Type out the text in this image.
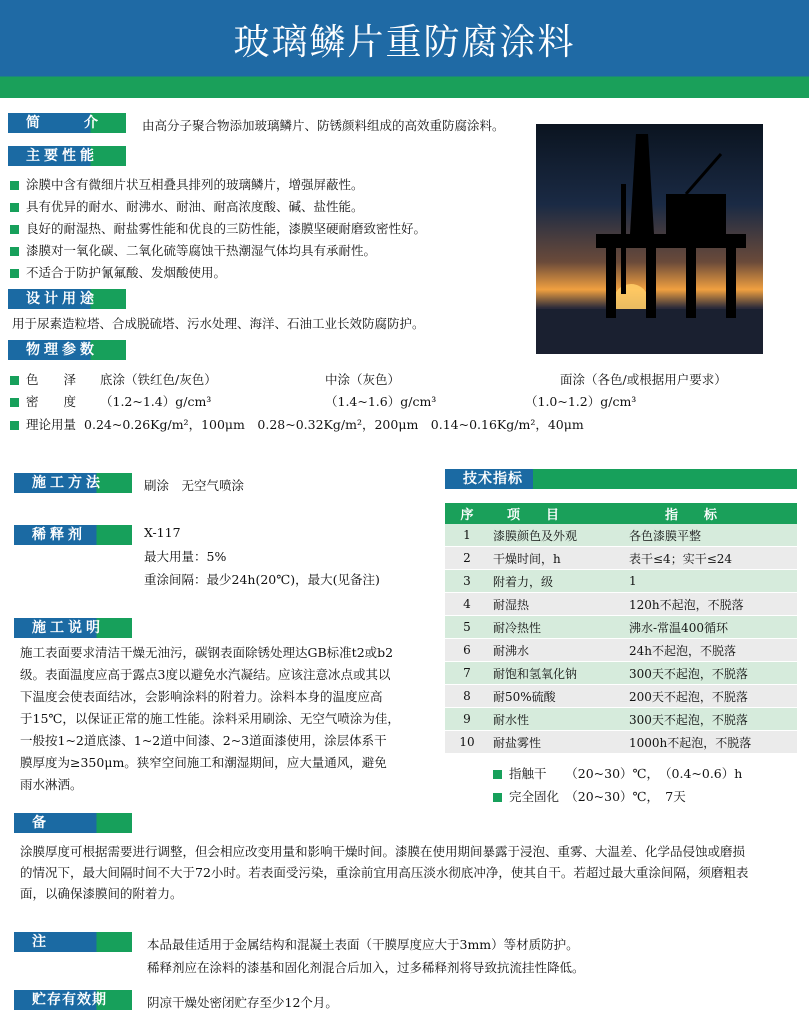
玻璃鳞片重防腐涂料
简	介	由高分子聚合物添加玻璃鳞片、防锈颜料组成的高效重防腐涂料。
主要性能
涂膜中含有微细片状互相叠具排列的玻璃鳞片，增强屏蔽性。
具有优异的耐水、耐沸水、耐油、耐高浓度酸、碱、盐性能。
良好的耐湿热、耐盐雾性能和优良的三防性能，漆膜坚硬耐磨致密性好。
漆膜对一氧化碳、二氧化硫等腐蚀干热潮湿气体均具有承耐性。
不适合于防护氰氟酸、发烟酸使用。
设计用途
用于尿素造粒塔、合成脱硫塔、污水处理、海洋、石油工业长效防腐防护。
物理参数
色　　泽 底涂（铁红色/灰色）	中涂（灰色）	面涂（各色/或根据用户要求）
密　　度 （1.2~1.4）g/cm³	（1.4~1.6）g/cm³	（1.0~1.2）g/cm³
理论用量 0.24~0.26Kg/m²，100μm　0.28~0.32Kg/m²，200μm　0.14~0.16Kg/m²，40μm
施工方法	刷涂　无空气喷涂
稀释剂	X-117
最大用量：5%
重涂间隔：最少24h(20℃)，最大(见备注)
施工说明
施工表面要求清洁干燥无油污，碳钢表面除锈处理达GB标准t2或b2
级。表面温度应高于露点3度以避免水汽凝结。应该注意冰点或其以
下温度会使表面结冰，会影响涂料的附着力。涂料本身的温度应高
于15℃，以保证正常的施工性能。涂料采用刷涂、无空气喷涂为佳，
一般按1~2道底漆、1~2道中间漆、2~3道面漆使用，涂层体系干
膜厚度为≥350μm。狭窄空间施工和潮湿期间，应大量通风，避免
雨水淋洒。
技术指标
序	项　　目	指　　标
1	漆膜颜色及外观	各色漆膜平整
2	干燥时间，h	表干≤4；实干≤24
3	附着力，级	1
4	耐湿热	120h不起泡，不脱落
5	耐冷热性	沸水-常温400循环
6	耐沸水	24h不起泡，不脱落
7	耐饱和氢氧化钠	300天不起泡，不脱落
8	耐50%硫酸	200天不起泡，不脱落
9	耐水性	300天不起泡，不脱落
10	耐盐雾性	1000h不起泡，不脱落
指触干　　（20~30）℃，　（0.4~0.6）h
完全固化　（20~30）℃，　7天
备
涂膜厚度可根据需要进行调整，但会相应改变用量和影响干燥时间。漆膜在使用期间暴露于浸泡、重雾、大温差、化学品侵蚀或磨损
的情况下，最大间隔时间不大于72小时。若表面受污染，重涂前宜用高压淡水彻底冲净，使其自干。若超过最大重涂间隔，须磨粗表
面，以确保漆膜间的附着力。
注	本品最佳适用于金属结构和混凝土表面（干膜厚度应大于3mm）等材质防护。
稀释剂应在涂料的漆基和固化剂混合后加入，过多稀释剂将导致抗流挂性降低。
贮存有效期	阴凉干燥处密闭贮存至少12个月。
